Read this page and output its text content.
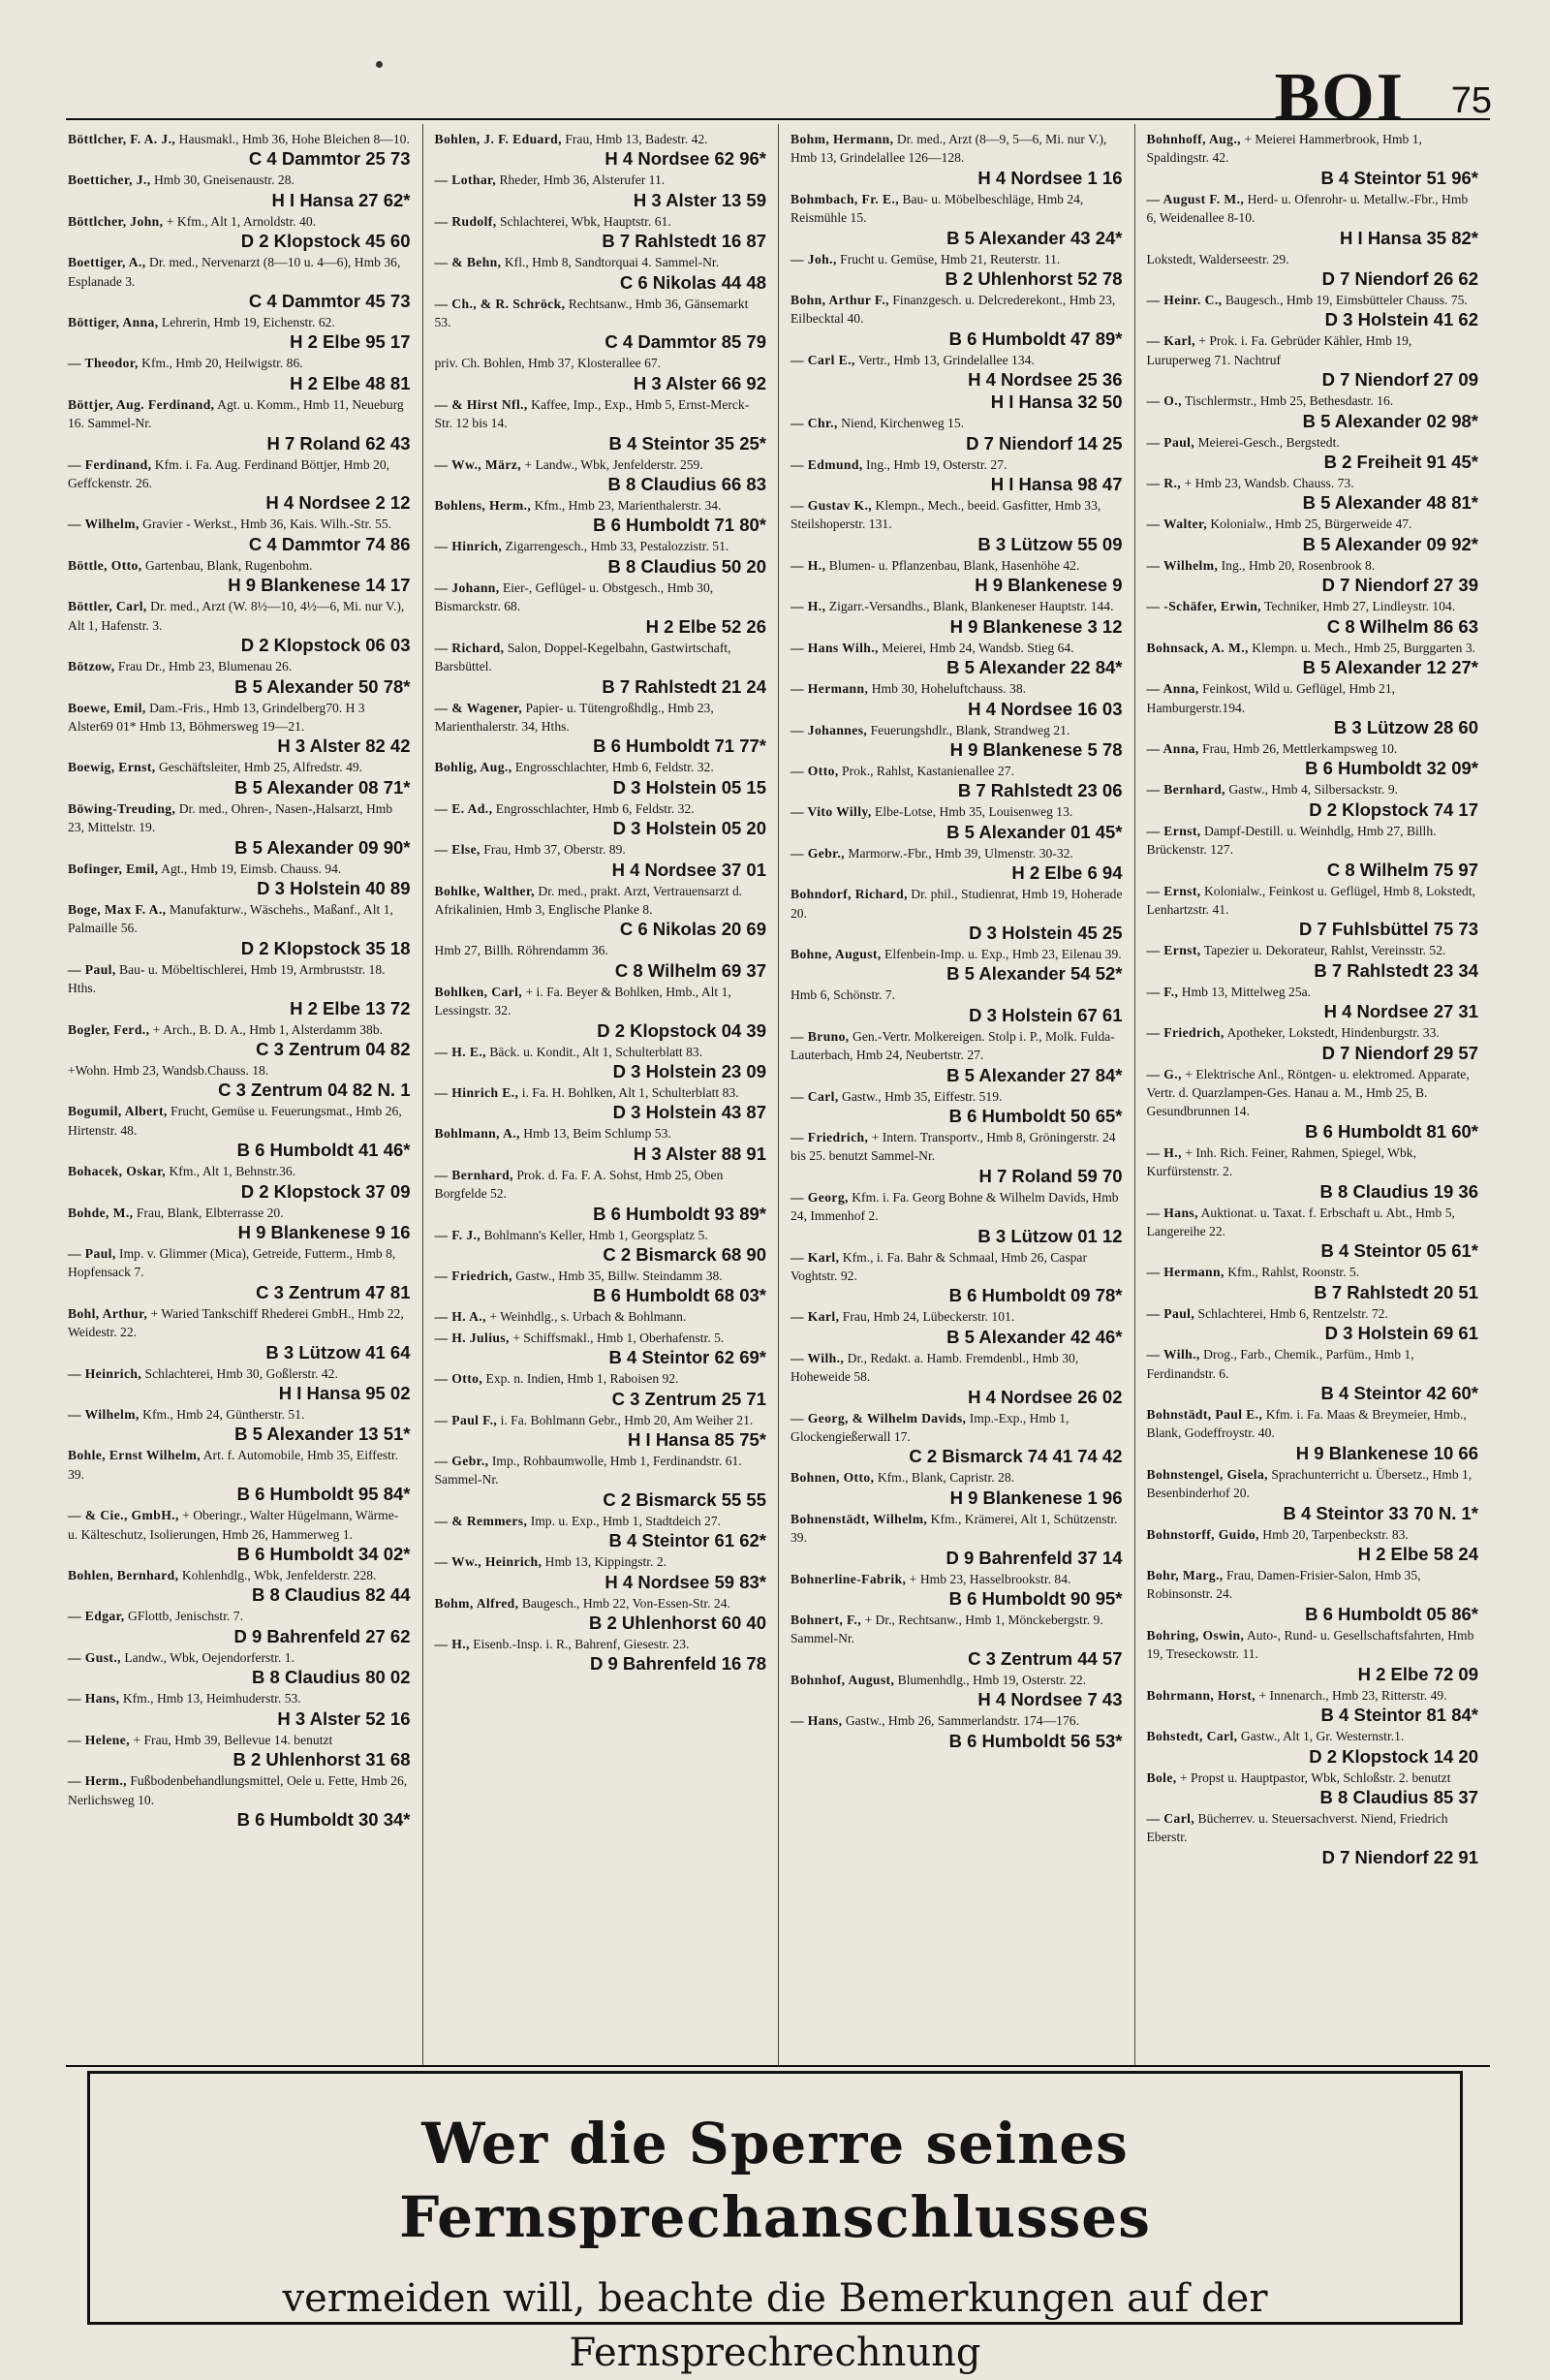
BOI 75
Böttlcher, F. A. J., Hausmakl., Hmb 36, Hohe Bleichen 8—10.
C 4 Dammtor 25 73
Boetticher, J., Hmb 30, Gneisenaustr. 28.
H I Hansa 27 62*
Böttlcher, John, + Kfm., Alt 1, Arnoldstr. 40.
D 2 Klopstock 45 60
Boettiger, A., Dr. med., Nervenarzt (8—10 u. 4—6), Hmb 36, Esplanade 3.
C 4 Dammtor 45 73
Böttiger, Anna, Lehrerin, Hmb 19, Eichenstr. 62.
H 2 Elbe 95 17
— Theodor, Kfm., Hmb 20, Heilwigstr. 86.
H 2 Elbe 48 81
Böttjer, Aug. Ferdinand, Agt. u. Komm., Hmb 11, Neueburg 16. Sammel-Nr.
H 7 Roland 62 43
— Ferdinand, Kfm. i. Fa. Aug. Ferdinand Böttjer, Hmb 20, Geffckenstr. 26.
H 4 Nordsee 2 12
— Wilhelm, Gravier - Werkst., Hmb 36, Kais. Wilh.-Str. 55.
C 4 Dammtor 74 86
Böttle, Otto, Gartenbau, Blank, Rugenbohm.
H 9 Blankenese 14 17
Böttler, Carl, Dr. med., Arzt (W. 8½—10, 4½—6, Mi. nur V.), Alt 1, Hafenstr. 3.
D 2 Klopstock 06 03
Bötzow, Frau Dr., Hmb 23, Blumenau 26.
B 5 Alexander 50 78*
Boewe, Emil, Dam.-Fris., Hmb 13, Grindelberg70. H 3 Alster69 01* Hmb 13, Böhmersweg 19—21.
H 3 Alster 82 42
Boewig, Ernst, Geschäftsleiter, Hmb 25, Alfredstr. 49.
B 5 Alexander 08 71*
Böwing-Treuding, Dr. med., Ohren-, Nasen-,Halsarzt, Hmb 23, Mittelstr. 19.
B 5 Alexander 09 90*
Bofinger, Emil, Agt., Hmb 19, Eimsb. Chauss. 94.
D 3 Holstein 40 89
Boge, Max F. A., Manufakturw., Wäschehs., Maßanf., Alt 1, Palmaille 56.
D 2 Klopstock 35 18
— Paul, Bau- u. Möbeltischlerei, Hmb 19, Armbruststr. 18. Hths.
H 2 Elbe 13 72
Bogler, Ferd., + Arch., B. D. A., Hmb 1, Alsterdamm 38b.
C 3 Zentrum 04 82
+Wohn. Hmb 23, Wandsb.Chauss. 18.
C 3 Zentrum 04 82 N. 1
Bogumil, Albert, Frucht, Gemüse u. Feuerungsmat., Hmb 26, Hirtenstr. 48.
B 6 Humboldt 41 46*
Bohacek, Oskar, Kfm., Alt 1, Behnstr.36.
D 2 Klopstock 37 09
Bohde, M., Frau, Blank, Elbterrasse 20.
H 9 Blankenese 9 16
— Paul, Imp. v. Glimmer (Mica), Getreide, Futterm., Hmb 8, Hopfensack 7.
C 3 Zentrum 47 81
Bohl, Arthur, + Waried Tankschiff Rhederei GmbH., Hmb 22, Weidestr. 22.
B 3 Lützow 41 64
— Heinrich, Schlachterei, Hmb 30, Goßlerstr. 42.
H I Hansa 95 02
— Wilhelm, Kfm., Hmb 24, Güntherstr. 51.
B 5 Alexander 13 51*
Bohle, Ernst Wilhelm, Art. f. Automobile, Hmb 35, Eiffestr. 39.
B 6 Humboldt 95 84*
— & Cie., GmbH., + Oberingr., Walter Hügelmann, Wärme- u. Kälteschutz, Isolierungen, Hmb 26, Hammerweg 1.
B 6 Humboldt 34 02*
Bohlen, Bernhard, Kohlenhdlg., Wbk, Jenfelderstr. 228.
B 8 Claudius 82 44
— Edgar, GFlottb, Jenischstr. 7.
D 9 Bahrenfeld 27 62
— Gust., Landw., Wbk, Oejendorferstr. 1.
B 8 Claudius 80 02
— Hans, Kfm., Hmb 13, Heimhuderstr. 53.
H 3 Alster 52 16
— Helene, + Frau, Hmb 39, Bellevue 14. benutzt
B 2 Uhlenhorst 31 68
— Herm., Fußbodenbehandlungsmittel, Oele u. Fette, Hmb 26, Nerlichsweg 10.
B 6 Humboldt 30 34*
Bohlen, J. F. Eduard, Frau, Hmb 13, Badestr. 42.
H 4 Nordsee 62 96*
— Lothar, Rheder, Hmb 36, Alsterufer 11.
H 3 Alster 13 59
— Rudolf, Schlachterei, Wbk, Hauptstr. 61.
B 7 Rahlstedt 16 87
— & Behn, Kfl., Hmb 8, Sandtorquai 4. Sammel-Nr.
C 6 Nikolas 44 48
— Ch., & R. Schröck, Rechtsanw., Hmb 36, Gänsemarkt 53.
C 4 Dammtor 85 79
priv. Ch. Bohlen, Hmb 37, Klosterallee 67.
H 3 Alster 66 92
— & Hirst Nfl., Kaffee, Imp., Exp., Hmb 5, Ernst-Merck-Str. 12 bis 14.
B 4 Steintor 35 25*
— Ww., März, + Landw., Wbk, Jenfelderstr. 259.
B 8 Claudius 66 83
Bohlens, Herm., Kfm., Hmb 23, Marienthalerstr. 34.
B 6 Humboldt 71 80*
— Hinrich, Zigarrengesch., Hmb 33, Pestalozzistr. 51.
B 8 Claudius 50 20
— Johann, Eier-, Geflügel- u. Obstgesch., Hmb 30, Bismarckstr. 68.
H 2 Elbe 52 26
— Richard, Salon, Doppel-Kegelbahn, Gastwirtschaft, Barsbüttel.
B 7 Rahlstedt 21 24
— & Wagener, Papier- u. Tütengroßhdlg., Hmb 23, Marienthalerstr. 34, Hths.
B 6 Humboldt 71 77*
Bohlig, Aug., Engrosschlachter, Hmb 6, Feldstr. 32.
D 3 Holstein 05 15
— E. Ad., Engrosschlachter, Hmb 6, Feldstr. 32.
D 3 Holstein 05 20
— Else, Frau, Hmb 37, Oberstr. 89.
H 4 Nordsee 37 01
Bohlke, Walther, Dr. med., prakt. Arzt, Vertrauensarzt d. Afrikalinien, Hmb 3, Englische Planke 8.
C 6 Nikolas 20 69
Hmb 27, Billh. Röhrendamm 36.
C 8 Wilhelm 69 37
Bohlken, Carl, + i. Fa. Beyer & Bohlken, Hmb., Alt 1, Lessingstr. 32.
D 2 Klopstock 04 39
— H. E., Bäck. u. Kondit., Alt 1, Schulterblatt 83.
D 3 Holstein 23 09
— Hinrich E., i. Fa. H. Bohlken, Alt 1, Schulterblatt 83.
D 3 Holstein 43 87
Bohlmann, A., Hmb 13, Beim Schlump 53.
H 3 Alster 88 91
— Bernhard, Prok. d. Fa. F. A. Sohst, Hmb 25, Oben Borgfelde 52.
B 6 Humboldt 93 89*
— F. J., Bohlmann's Keller, Hmb 1, Georgsplatz 5.
C 2 Bismarck 68 90
— Friedrich, Gastw., Hmb 35, Billw. Steindamm 38.
B 6 Humboldt 68 03*
— H. A., + Weinhdlg., s. Urbach & Bohlmann.
— H. Julius, + Schiffsmakl., Hmb 1, Oberhafenstr. 5.
B 4 Steintor 62 69*
— Otto, Exp. n. Indien, Hmb 1, Raboisen 92.
C 3 Zentrum 25 71
— Paul F., i. Fa. Bohlmann Gebr., Hmb 20, Am Weiher 21.
H I Hansa 85 75*
— Gebr., Imp., Rohbaumwolle, Hmb 1, Ferdinandstr. 61. Sammel-Nr.
C 2 Bismarck 55 55
— & Remmers, Imp. u. Exp., Hmb 1, Stadtdeich 27.
B 4 Steintor 61 62*
— Ww., Heinrich, Hmb 13, Kippingstr. 2.
H 4 Nordsee 59 83*
Bohm, Alfred, Baugesch., Hmb 22, Von-Essen-Str. 24.
B 2 Uhlenhorst 60 40
— H., Eisenb.-Insp. i. R., Bahrenf, Giesestr. 23.
D 9 Bahrenfeld 16 78
Bohm, Hermann, Dr. med., Arzt (8—9, 5—6, Mi. nur V.), Hmb 13, Grindelallee 126—128.
H 4 Nordsee 1 16
Bohmbach, Fr. E., Bau- u. Möbelbeschläge, Hmb 24, Reismühle 15.
B 5 Alexander 43 24*
— Joh., Frucht u. Gemüse, Hmb 21, Reuterstr. 11.
B 2 Uhlenhorst 52 78
Bohn, Arthur F., Finanzgesch. u. Delcrederekont., Hmb 23, Eilbecktal 40.
B 6 Humboldt 47 89*
— Carl E., Vertr., Hmb 13, Grindelallee 134.
H 4 Nordsee 25 36
H I Hansa 32 50
— Chr., Niend, Kirchenweg 15.
D 7 Niendorf 14 25
— Edmund, Ing., Hmb 19, Osterstr. 27.
H I Hansa 98 47
— Gustav K., Klempn., Mech., beeid. Gasfitter, Hmb 33, Steilshoperstr. 131.
B 3 Lützow 55 09
— H., Blumen- u. Pflanzenbau, Blank, Hasenhöhe 42.
H 9 Blankenese 9
— H., Zigarr.-Versandhs., Blank, Blankeneser Hauptstr. 144.
H 9 Blankenese 3 12
— Hans Wilh., Meierei, Hmb 24, Wandsb. Stieg 64.
B 5 Alexander 22 84*
— Hermann, Hmb 30, Hoheluftchauss. 38.
H 4 Nordsee 16 03
— Johannes, Feuerungshdlr., Blank, Strandweg 21.
H 9 Blankenese 5 78
— Otto, Prok., Rahlst, Kastanienallee 27.
B 7 Rahlstedt 23 06
— Vito Willy, Elbe-Lotse, Hmb 35, Louisenweg 13.
B 5 Alexander 01 45*
— Gebr., Marmorw.-Fbr., Hmb 39, Ulmenstr. 30-32.
H 2 Elbe 6 94
Bohndorf, Richard, Dr. phil., Studienrat, Hmb 19, Hoherade 20.
D 3 Holstein 45 25
Bohne, August, Elfenbein-Imp. u. Exp., Hmb 23, Eilenau 39.
B 5 Alexander 54 52*
Hmb 6, Schönstr. 7.
D 3 Holstein 67 61
— Bruno, Gen.-Vertr. Molkereigen. Stolp i. P., Molk. Fulda-Lauterbach, Hmb 24, Neubertstr. 27.
B 5 Alexander 27 84*
— Carl, Gastw., Hmb 35, Eiffestr. 519.
B 6 Humboldt 50 65*
— Friedrich, + Intern. Transportv., Hmb 8, Gröningerstr. 24 bis 25. benutzt Sammel-Nr.
H 7 Roland 59 70
— Georg, Kfm. i. Fa. Georg Bohne & Wilhelm Davids, Hmb 24, Immenhof 2.
B 3 Lützow 01 12
— Karl, Kfm., i. Fa. Bahr & Schmaal, Hmb 26, Caspar Voghtstr. 92.
B 6 Humboldt 09 78*
— Karl, Frau, Hmb 24, Lübeckerstr. 101.
B 5 Alexander 42 46*
— Wilh., Dr., Redakt. a. Hamb. Fremdenbl., Hmb 30, Hoheweide 58.
H 4 Nordsee 26 02
— Georg, & Wilhelm Davids, Imp.-Exp., Hmb 1, Glockengießerwall 17.
C 2 Bismarck 74 41 74 42
Bohnen, Otto, Kfm., Blank, Capristr. 28.
H 9 Blankenese 1 96
Bohnenstädt, Wilhelm, Kfm., Krämerei, Alt 1, Schützenstr. 39.
D 9 Bahrenfeld 37 14
Bohnerline-Fabrik, + Hmb 23, Hasselbrookstr. 84.
B 6 Humboldt 90 95*
Bohnert, F., + Dr., Rechtsanw., Hmb 1, Mönckebergstr. 9. Sammel-Nr.
C 3 Zentrum 44 57
Bohnhof, August, Blumenhdlg., Hmb 19, Osterstr. 22.
H 4 Nordsee 7 43
— Hans, Gastw., Hmb 26, Sammerlandstr. 174—176.
B 6 Humboldt 56 53*
Bohnhoff, Aug., + Meierei Hammerbrook, Hmb 1, Spaldingstr. 42.
B 4 Steintor 51 96*
— August F. M., Herd- u. Ofenrohr- u. Metallw.-Fbr., Hmb 6, Weidenallee 8-10.
H I Hansa 35 82*
Lokstedt, Walderseestr. 29.
D 7 Niendorf 26 62
— Heinr. C., Baugesch., Hmb 19, Eimsbütteler Chauss. 75.
D 3 Holstein 41 62
— Karl, + Prok. i. Fa. Gebrüder Kähler, Hmb 19, Luruperweg 71. Nachtruf
D 7 Niendorf 27 09
— O., Tischlermstr., Hmb 25, Bethesdastr. 16.
B 5 Alexander 02 98*
— Paul, Meierei-Gesch., Bergstedt.
B 2 Freiheit 91 45*
— R., + Hmb 23, Wandsb. Chauss. 73.
B 5 Alexander 48 81*
— Walter, Kolonialw., Hmb 25, Bürgerweide 47.
B 5 Alexander 09 92*
— Wilhelm, Ing., Hmb 20, Rosenbrook 8.
D 7 Niendorf 27 39
— -Schäfer, Erwin, Techniker, Hmb 27, Lindleystr. 104.
C 8 Wilhelm 86 63
Bohnsack, A. M., Klempn. u. Mech., Hmb 25, Burggarten 3.
B 5 Alexander 12 27*
— Anna, Feinkost, Wild u. Geflügel, Hmb 21, Hamburgerstr.194.
B 3 Lützow 28 60
— Anna, Frau, Hmb 26, Mettlerkampsweg 10.
B 6 Humboldt 32 09*
— Bernhard, Gastw., Hmb 4, Silbersackstr. 9.
D 2 Klopstock 74 17
— Ernst, Dampf-Destill. u. Weinhdlg, Hmb 27, Billh. Brückenstr. 127.
C 8 Wilhelm 75 97
— Ernst, Kolonialw., Feinkost u. Geflügel, Hmb 8, Lokstedt, Lenhartzstr. 41.
D 7 Fuhlsbüttel 75 73
— Ernst, Tapezier u. Dekorateur, Rahlst, Vereinsstr. 52.
B 7 Rahlstedt 23 34
— F., Hmb 13, Mittelweg 25a.
H 4 Nordsee 27 31
— Friedrich, Apotheker, Lokstedt, Hindenburgstr. 33.
D 7 Niendorf 29 57
— G., + Elektrische Anl., Röntgen- u. elektromed. Apparate, Vertr. d. Quarzlampen-Ges. Hanau a. M., Hmb 25, B. Gesundbrunnen 14.
B 6 Humboldt 81 60*
— H., + Inh. Rich. Feiner, Rahmen, Spiegel, Wbk, Kurfürstenstr. 2.
B 8 Claudius 19 36
— Hans, Auktionat. u. Taxat. f. Erbschaft u. Abt., Hmb 5, Langereihe 22.
B 4 Steintor 05 61*
— Hermann, Kfm., Rahlst, Roonstr. 5.
B 7 Rahlstedt 20 51
— Paul, Schlachterei, Hmb 6, Rentzelstr. 72.
D 3 Holstein 69 61
— Wilh., Drog., Farb., Chemik., Parfüm., Hmb 1, Ferdinandstr. 6.
B 4 Steintor 42 60*
Bohnstädt, Paul E., Kfm. i. Fa. Maas & Breymeier, Hmb., Blank, Godeffroystr. 40.
H 9 Blankenese 10 66
Bohnstengel, Gisela, Sprachunterricht u. Übersetz., Hmb 1, Besenbinderhof 20.
B 4 Steintor 33 70 N. 1*
Bohnstorff, Guido, Hmb 20, Tarpenbeckstr. 83.
H 2 Elbe 58 24
Bohr, Marg., Frau, Damen-Frisier-Salon, Hmb 35, Robinsonstr. 24.
B 6 Humboldt 05 86*
Bohring, Oswin, Auto-, Rund- u. Gesellschaftsfahrten, Hmb 19, Treseckowstr. 11.
H 2 Elbe 72 09
Bohrmann, Horst, + Innenarch., Hmb 23, Ritterstr. 49.
B 4 Steintor 81 84*
Bohstedt, Carl, Gastw., Alt 1, Gr. Westernstr.1.
D 2 Klopstock 14 20
Bole, + Propst u. Hauptpastor, Wbk, Schloßstr. 2. benutzt
B 8 Claudius 85 37
— Carl, Bücherrev. u. Steuersachverst. Niend, Friedrich Eberstr.
D 7 Niendorf 22 91
Wer die Sperre seines Fernsprechanschlusses
vermeiden will, beachte die Bemerkungen auf der Fernsprechrechnung
